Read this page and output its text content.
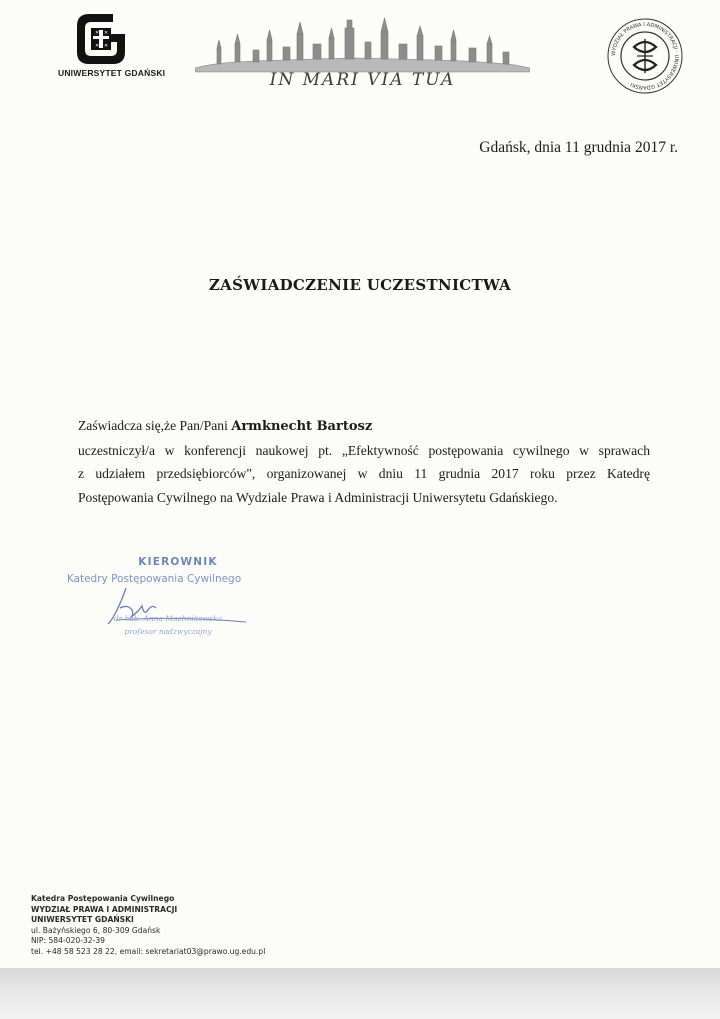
✕ ✕
✕ ✕
UNIWERSYTET GDAŃSKI	IN MARI VIA TUA
WYDZIAŁ PRAWA I ADMINISTRACJI · UNIWERSYTET GDAŃSKI ·
Gdańsk, dnia 11 grudnia 2017 r.
ZAŚWIADCZENIE UCZESTNICTWA

Zaświadcza się,że Pan/Pani Armknecht Bartosz

uczestniczył/a w konferencji naukowej pt. „Efektywność postępowania cywilnego w sprawach

z udziałem przedsiębiorców", organizowanej w dniu 11 grudnia 2017 roku przez Katedrę

Postępowania Cywilnego na Wydziale Prawa i Administracji Uniwersytetu Gdańskiego.

KIEROWNIK
Katedry Postępowania Cywilnego
dr hab. Anna Machnikowska
profesor nadzwyczajny
Katedra Postępowania Cywilnego
WYDZIAŁ PRAWA I ADMINISTRACJI
UNIWERSYTET GDAŃSKI
ul. Bażyńskiego 6, 80-309 Gdańsk
NIP: 584-020-32-39
tel. +48 58 523 28 22, email: sekretariat03@prawo.ug.edu.pl
